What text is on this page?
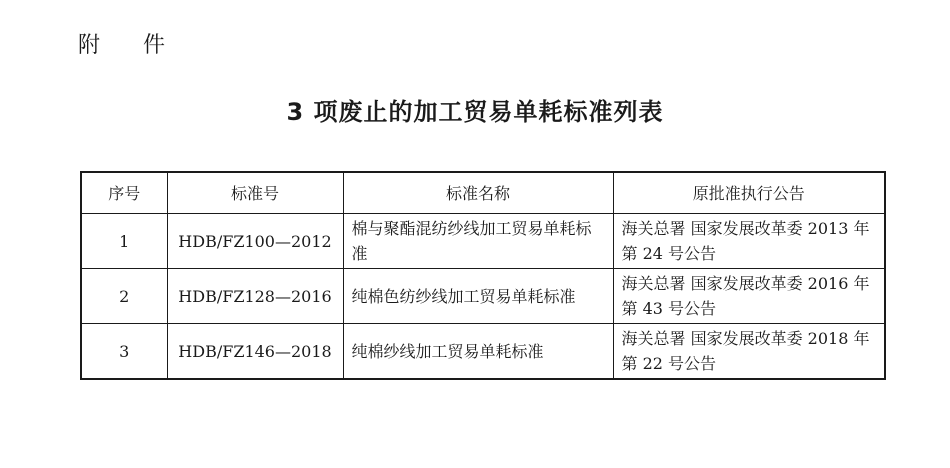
附 件
3 项废止的加工贸易单耗标准列表
序号	标准号	标准名称	原批准执行公告
1	HDB/FZ100—2012	棉与聚酯混纺纱线加工贸易单耗标准	海关总署 国家发展改革委 2013 年第 24 号公告
2	HDB/FZ128—2016	纯棉色纺纱线加工贸易单耗标准	海关总署 国家发展改革委 2016 年第 43 号公告
3	HDB/FZ146—2018	纯棉纱线加工贸易单耗标准	海关总署 国家发展改革委 2018 年第 22 号公告
